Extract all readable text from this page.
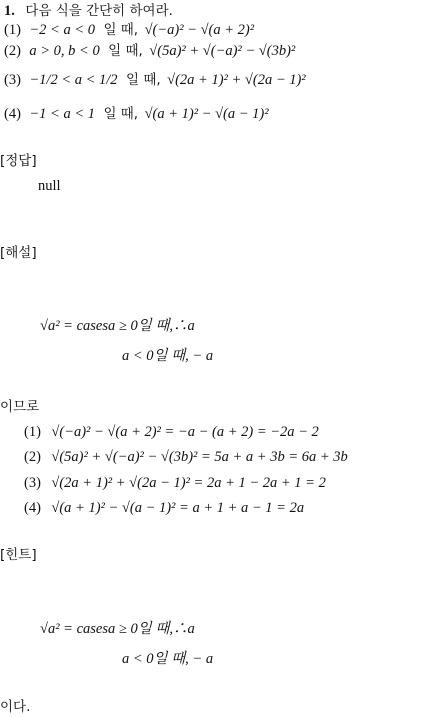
1. 다음 식을 간단히 하여라.
(1) −2 < a < 0 일 때, √(−a)² − √(a + 2)²
(2) a > 0, b < 0 일 때, √(5a)² + √(−a)² − √(3b)²
(3) −1/2 < a < 1/2 일 때, √(2a + 1)² + √(2a − 1)²
(4) −1 < a < 1 일 때, √(a + 1)² − √(a − 1)²
[정답]
null
[해설]
√a² = casesa ≥ 0일 때,∴a
a < 0일 때, − a
이므로
(1) √(−a)² − √(a + 2)² = −a − (a + 2) = −2a − 2
(2) √(5a)² + √(−a)² − √(3b)² = 5a + a + 3b = 6a + 3b
(3) √(2a + 1)² + √(2a − 1)² = 2a + 1 − 2a + 1 = 2
(4) √(a + 1)² − √(a − 1)² = a + 1 + a − 1 = 2a
[힌트]
√a² = casesa ≥ 0일 때,∴a
a < 0일 때, − a
이다.
